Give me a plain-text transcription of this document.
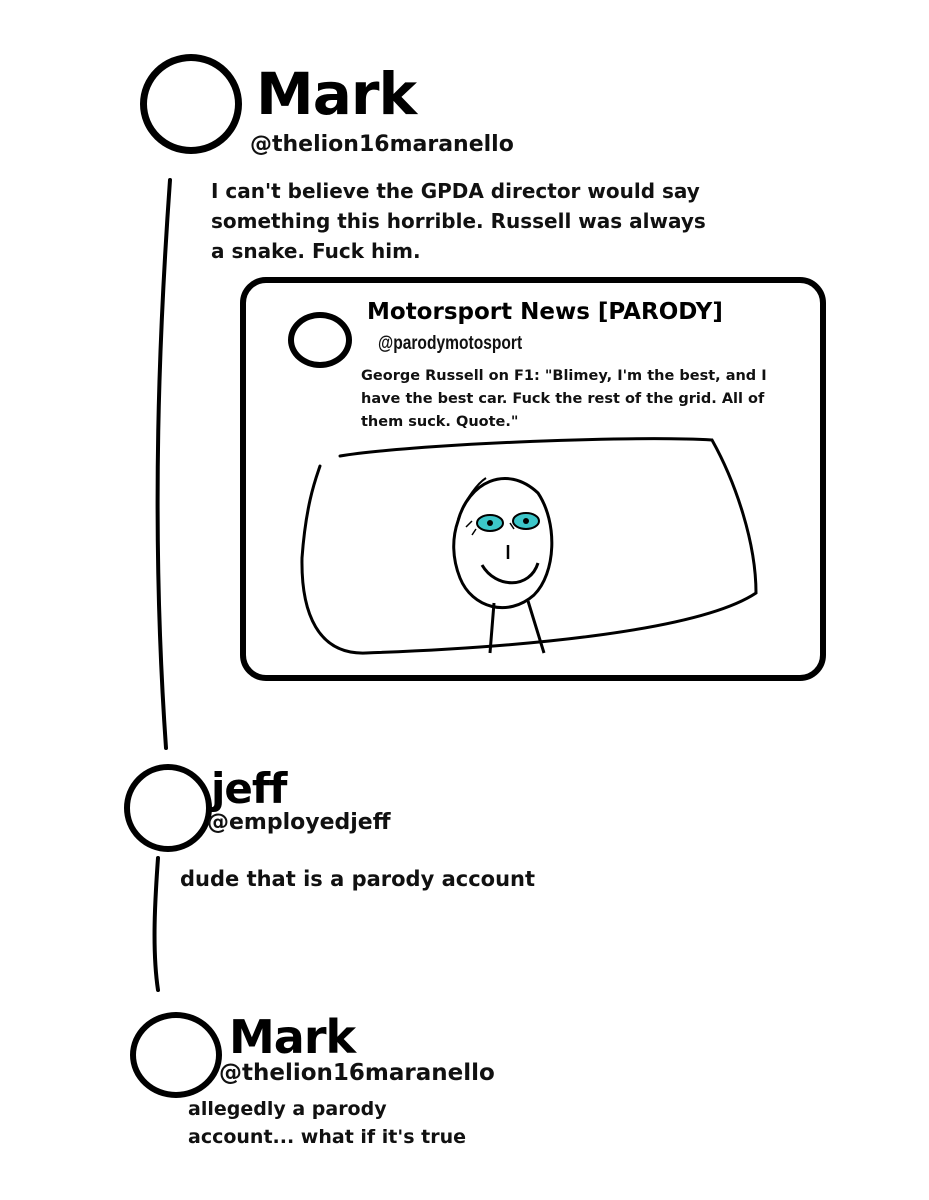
Mark
@thelion16maranello
I can't believe the GPDA director would say something this horrible. Russell was always a snake. Fuck him.
Motorsport News [PARODY]
@parodymotosport
George Russell on F1: "Blimey, I'm the best, and I have the best car. Fuck the rest of the grid. All of them suck. Quote."
jeff
@employedjeff
dude that is a parody account
Mark
@thelion16maranello
allegedly a parody
account... what if it's true
